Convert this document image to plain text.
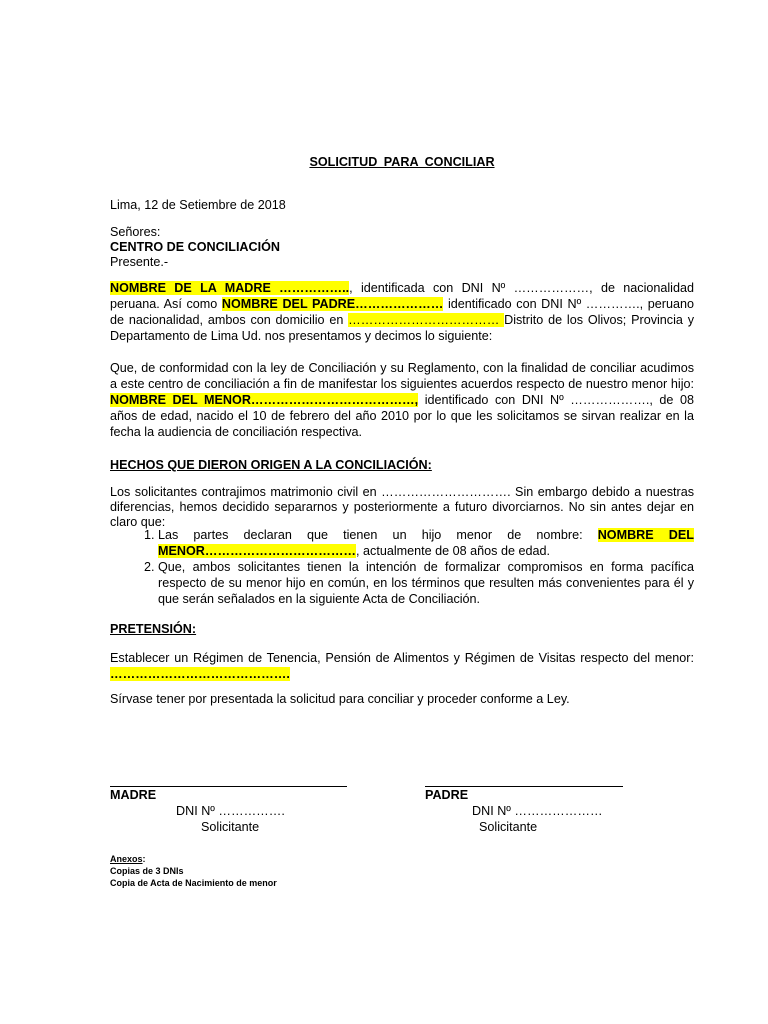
SOLICITUD PARA CONCILIAR
Lima, 12 de Setiembre de 2018
Señores:
CENTRO DE CONCILIACIÓN
Presente.-
NOMBRE DE LA MADRE …………….., identificada con DNI Nº ………………, de nacionalidad peruana. Así como NOMBRE DEL PADRE………………… identificado con DNI Nº …………., peruano de nacionalidad, ambos con domicilio en ……………………………… Distrito de los Olivos; Provincia y Departamento de Lima Ud. nos presentamos y decimos lo siguiente:
Que, de conformidad con la ley de Conciliación y su Reglamento, con la finalidad de conciliar acudimos a este centro de conciliación a fin de manifestar los siguientes acuerdos respecto de nuestro menor hijo: NOMBRE DEL MENOR…………………………………, identificado con DNI Nº ………………., de 08 años de edad, nacido el 10 de febrero del año 2010 por lo que les solicitamos se sirvan realizar en la fecha la audiencia de conciliación respectiva.
HECHOS QUE DIERON ORIGEN A LA CONCILIACIÓN:
Los solicitantes contrajimos matrimonio civil en …………………………. Sin embargo debido a nuestras diferencias, hemos decidido separarnos y posteriormente a futuro divorciarnos. No sin antes dejar en claro que:
1. Las partes declaran que tienen un hijo menor de nombre: NOMBRE DEL MENOR………………………………, actualmente de 08 años de edad.
2. Que, ambos solicitantes tienen la intención de formalizar compromisos en forma pacífica respecto de su menor hijo en común, en los términos que resulten más convenientes para él y que serán señalados en la siguiente Acta de Conciliación.
PRETENSIÓN:
Establecer un Régimen de Tenencia, Pensión de Alimentos y Régimen de Visitas respecto del menor: …………………………………….
Sírvase tener por presentada la solicitud para conciliar y proceder conforme a Ley.
MADRE
DNI Nº …………….
Solicitante
PADRE
DNI Nº …………………
Solicitante
Anexos:
Copias de 3 DNIs
Copia de Acta de Nacimiento de menor
